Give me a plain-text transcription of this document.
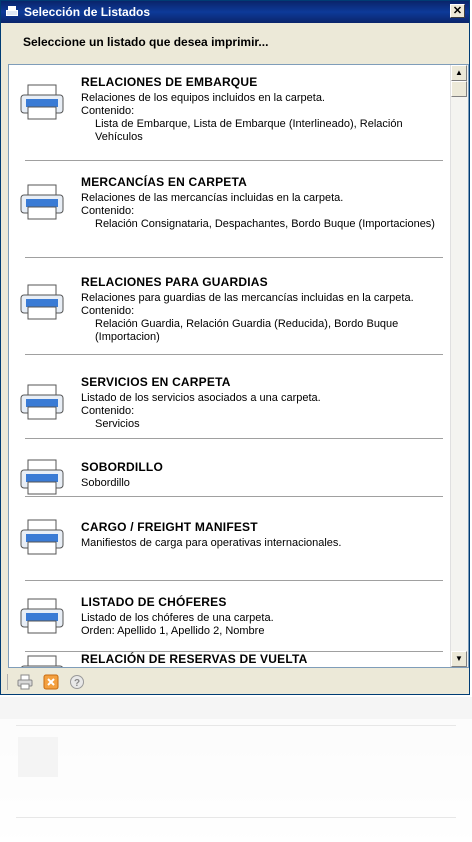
Selección de Listados	✕
Seleccione un listado que desea imprimir...
RELACIONES DE EMBARQUE
Relaciones de los equipos incluidos en la carpeta.
Contenido:
Lista de Embarque, Lista de Embarque (Interlineado), Relación Vehículos
MERCANCÍAS EN CARPETA
Relaciones de las mercancías incluidas en la carpeta.
Contenido:
Relación Consignataria, Despachantes, Bordo Buque (Importaciones)
RELACIONES PARA GUARDIAS
Relaciones para guardias de las mercancías incluidas en la carpeta.
Contenido:
Relación Guardia, Relación Guardia (Reducida), Bordo Buque (Importacion)
SERVICIOS EN CARPETA
Listado de los servicios asociados a una carpeta.
Contenido:
Servicios
SOBORDILLO
Sobordillo
CARGO / FREIGHT MANIFEST
Manifiestos de carga para operativas internacionales.
LISTADO DE CHÓFERES
Listado de los chóferes de una carpeta.
Orden: Apellido 1, Apellido 2, Nombre
RELACIÓN DE RESERVAS DE VUELTA
▲
▼
?
